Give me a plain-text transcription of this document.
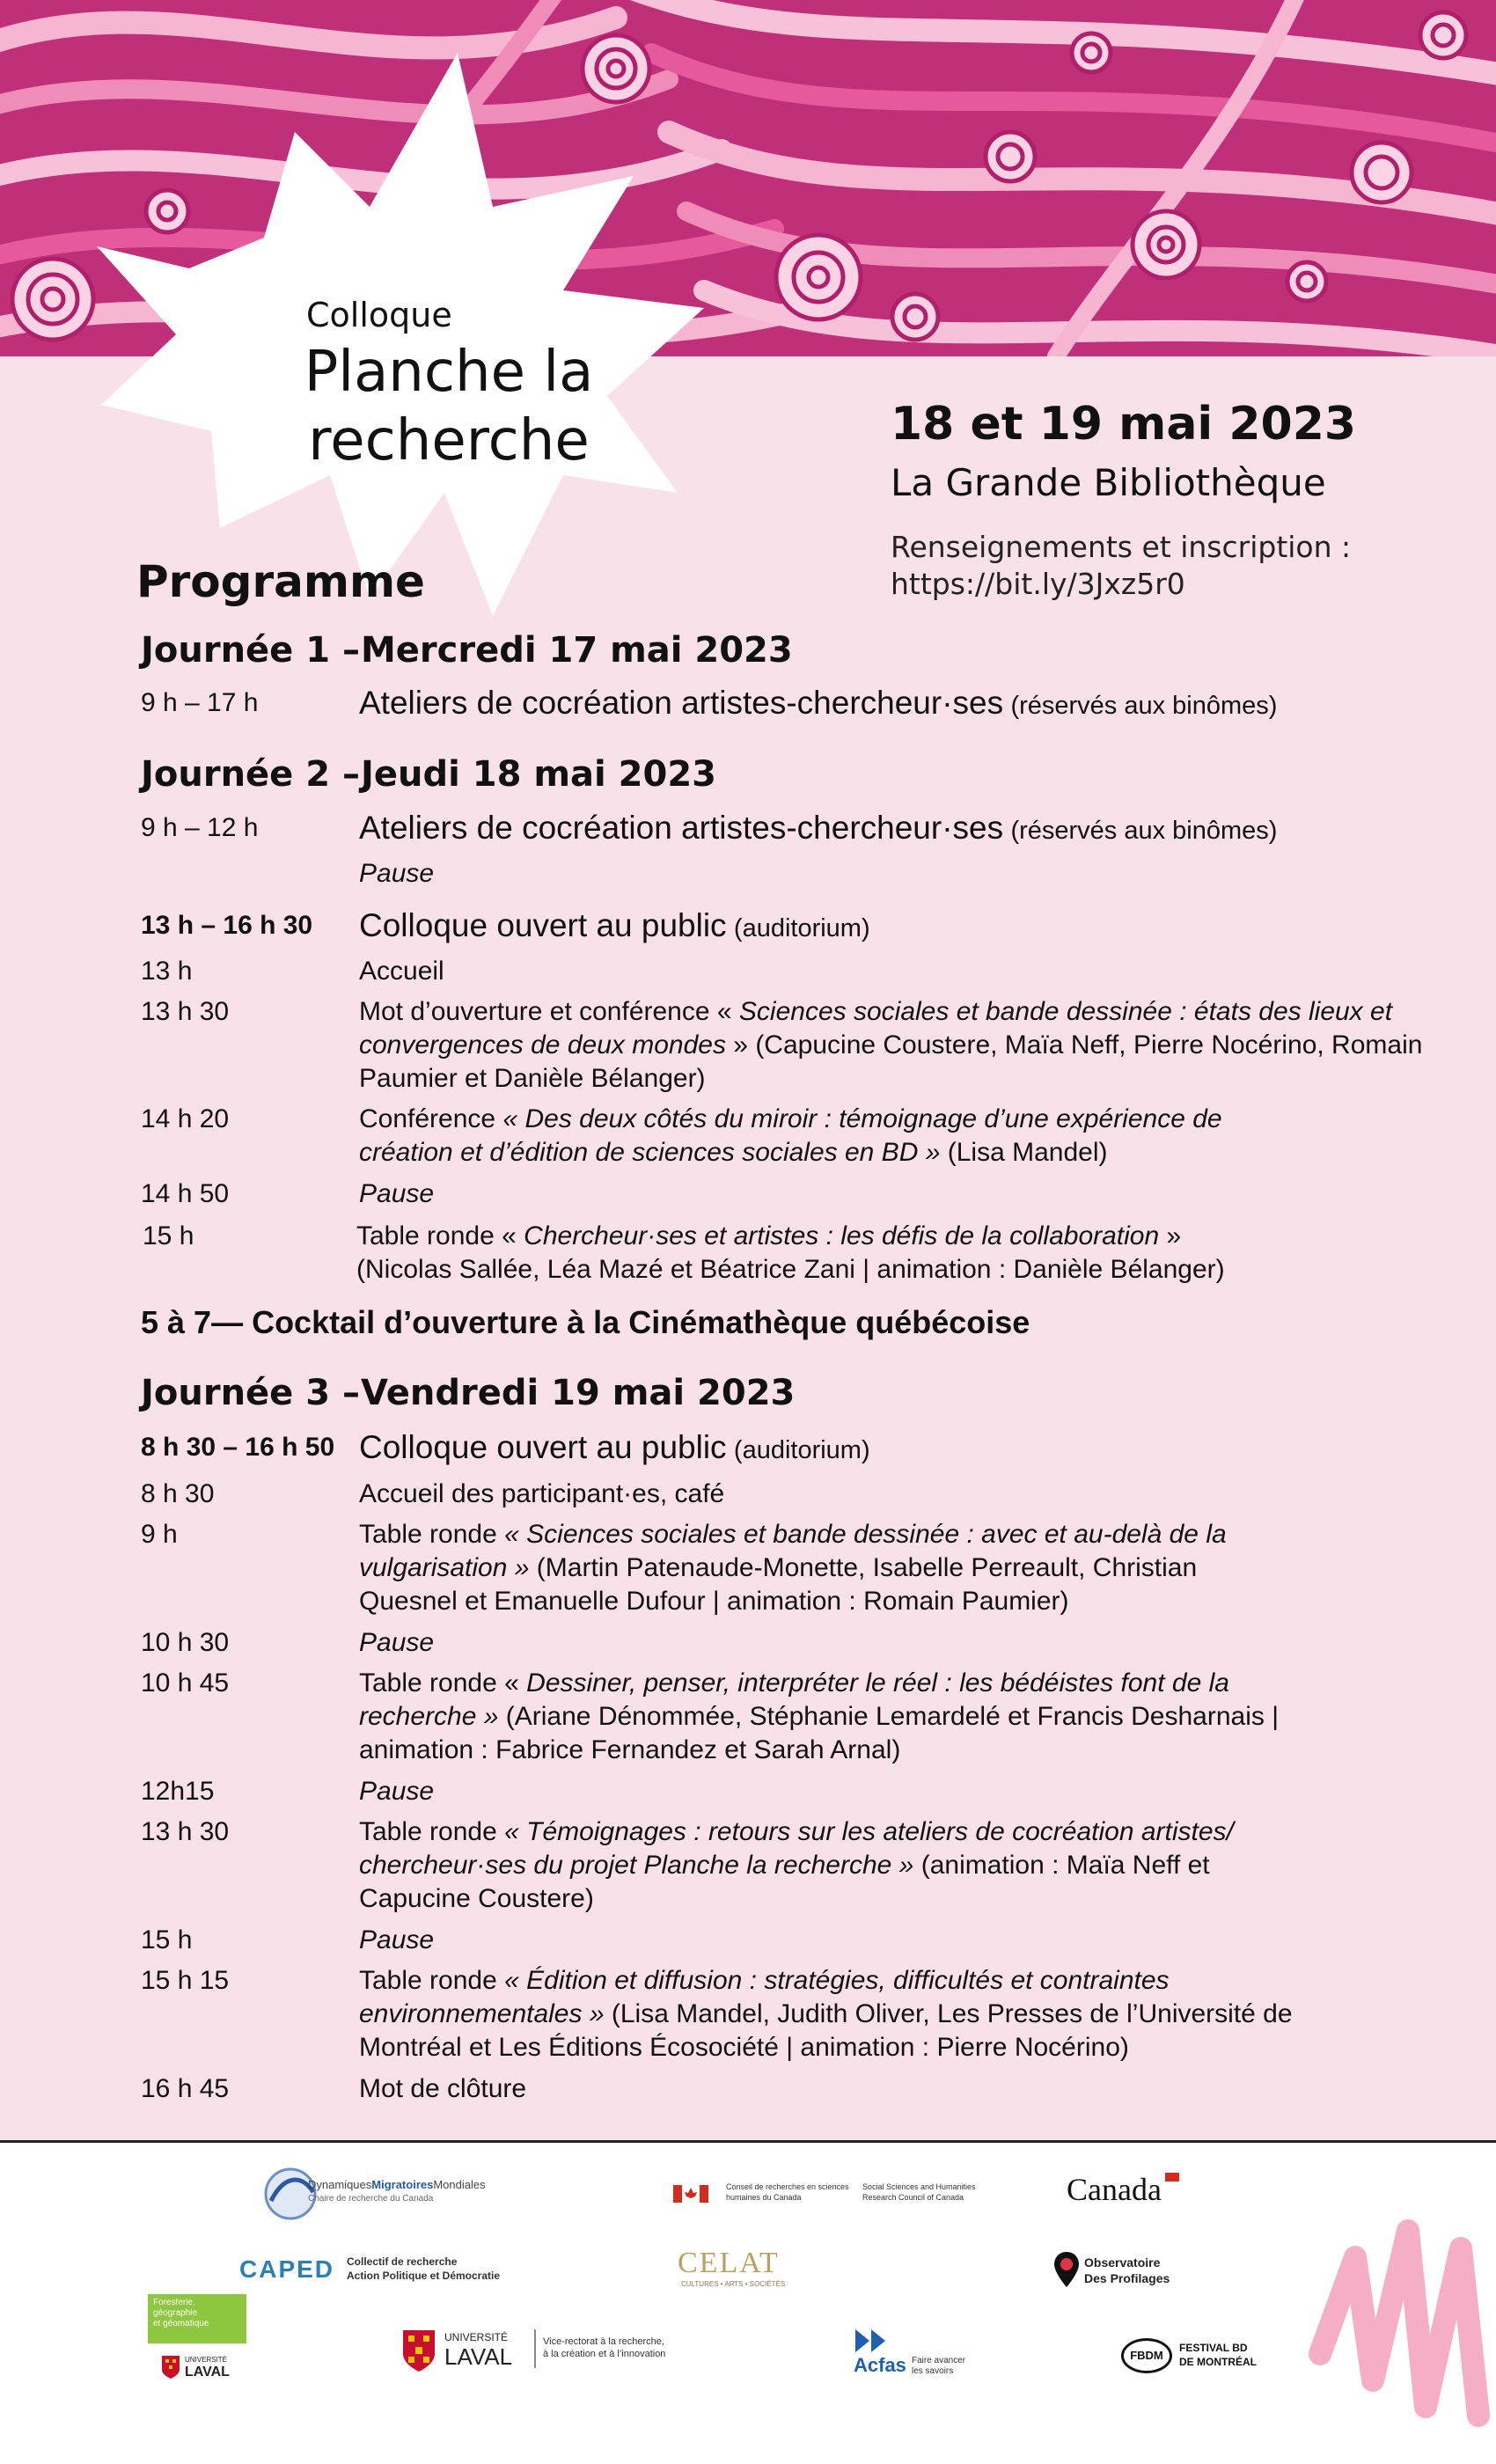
Colloque
Planche la
recherche	18 et 19 mai 2023
La Grande Bibliothèque
Renseignements et inscription :
https://bit.ly/3Jxz5r0
Programme
Journée 1 –Mercredi 17 mai 2023
9 h – 17 h	Ateliers de cocréation artistes-chercheur·ses (réservés aux binômes)
Journée 2 –Jeudi 18 mai 2023
9 h – 12 h	Ateliers de cocréation artistes-chercheur·ses (réservés aux binômes)
Pause
13 h – 16 h 30	Colloque ouvert au public (auditorium)
13 h	Accueil
13 h 30	Mot d’ouverture et conférence « Sciences sociales et bande dessinée : états des lieux et convergences de deux mondes » (Capucine Coustere, Maïa Neff, Pierre Nocérino, Romain Paumier et Danièle Bélanger)
14 h 20	Conférence « Des deux côtés du miroir : témoignage d’une expérience de création et d’édition de sciences sociales en BD » (Lisa Mandel)
14 h 50	Pause
15 h	Table ronde « Chercheur·ses et artistes : les défis de la collaboration »
(Nicolas Sallée, Léa Mazé et Béatrice Zani | animation : Danièle Bélanger)
5 à 7— Cocktail d’ouverture à la Cinémathèque québécoise
Journée 3 –Vendredi 19 mai 2023
8 h 30 – 16 h 50 Colloque ouvert au public (auditorium)
8 h 30	Accueil des participant·es, café
9 h	Table ronde « Sciences sociales et bande dessinée : avec et au-delà de la vulgarisation » (Martin Patenaude-Monette, Isabelle Perreault, Christian Quesnel et Emanuelle Dufour | animation : Romain Paumier)
10 h 30	Pause
10 h 45	Table ronde « Dessiner, penser, interpréter le réel : les bédéistes font de la recherche » (Ariane Dénommée, Stéphanie Lemardelé et Francis Desharnais | animation : Fabrice Fernandez et Sarah Arnal)
12h15	Pause
13 h 30	Table ronde « Témoignages : retours sur les ateliers de cocréation artistes/ chercheur·ses du projet Planche la recherche » (animation : Maïa Neff et Capucine Coustere)
15 h	Pause
15 h 15	Table ronde « Édition et diffusion : stratégies, difficultés et contraintes environnementales » (Lisa Mandel, Judith Oliver, Les Presses de l’Université de Montréal et Les Éditions Écosociété | animation : Pierre Nocérino)
16 h 45	Mot de clôture
DynamiquesMigratoiresMondiales
Chaire de recherche du Canada
Conseil de recherches en sciences humaines du Canada
Social Sciences and Humanities Research Council of Canada	Canada
CAPED Collectif de recherche
Action Politique et Démocratie	CELAT
CULTURES • ARTS • SOCIÉTÉS
Observatoire
Des Profilages
Foresterie,
géographie
et géomatique
UNIVERSITÉ
LAVAL
UNIVERSITÉ
LAVAL
Vice-rectorat à la recherche,
à la création et à l’innovation	Acfas Faire avancer
les savoirs
FBDM
FESTIVAL BD
DE MONTRÉAL
